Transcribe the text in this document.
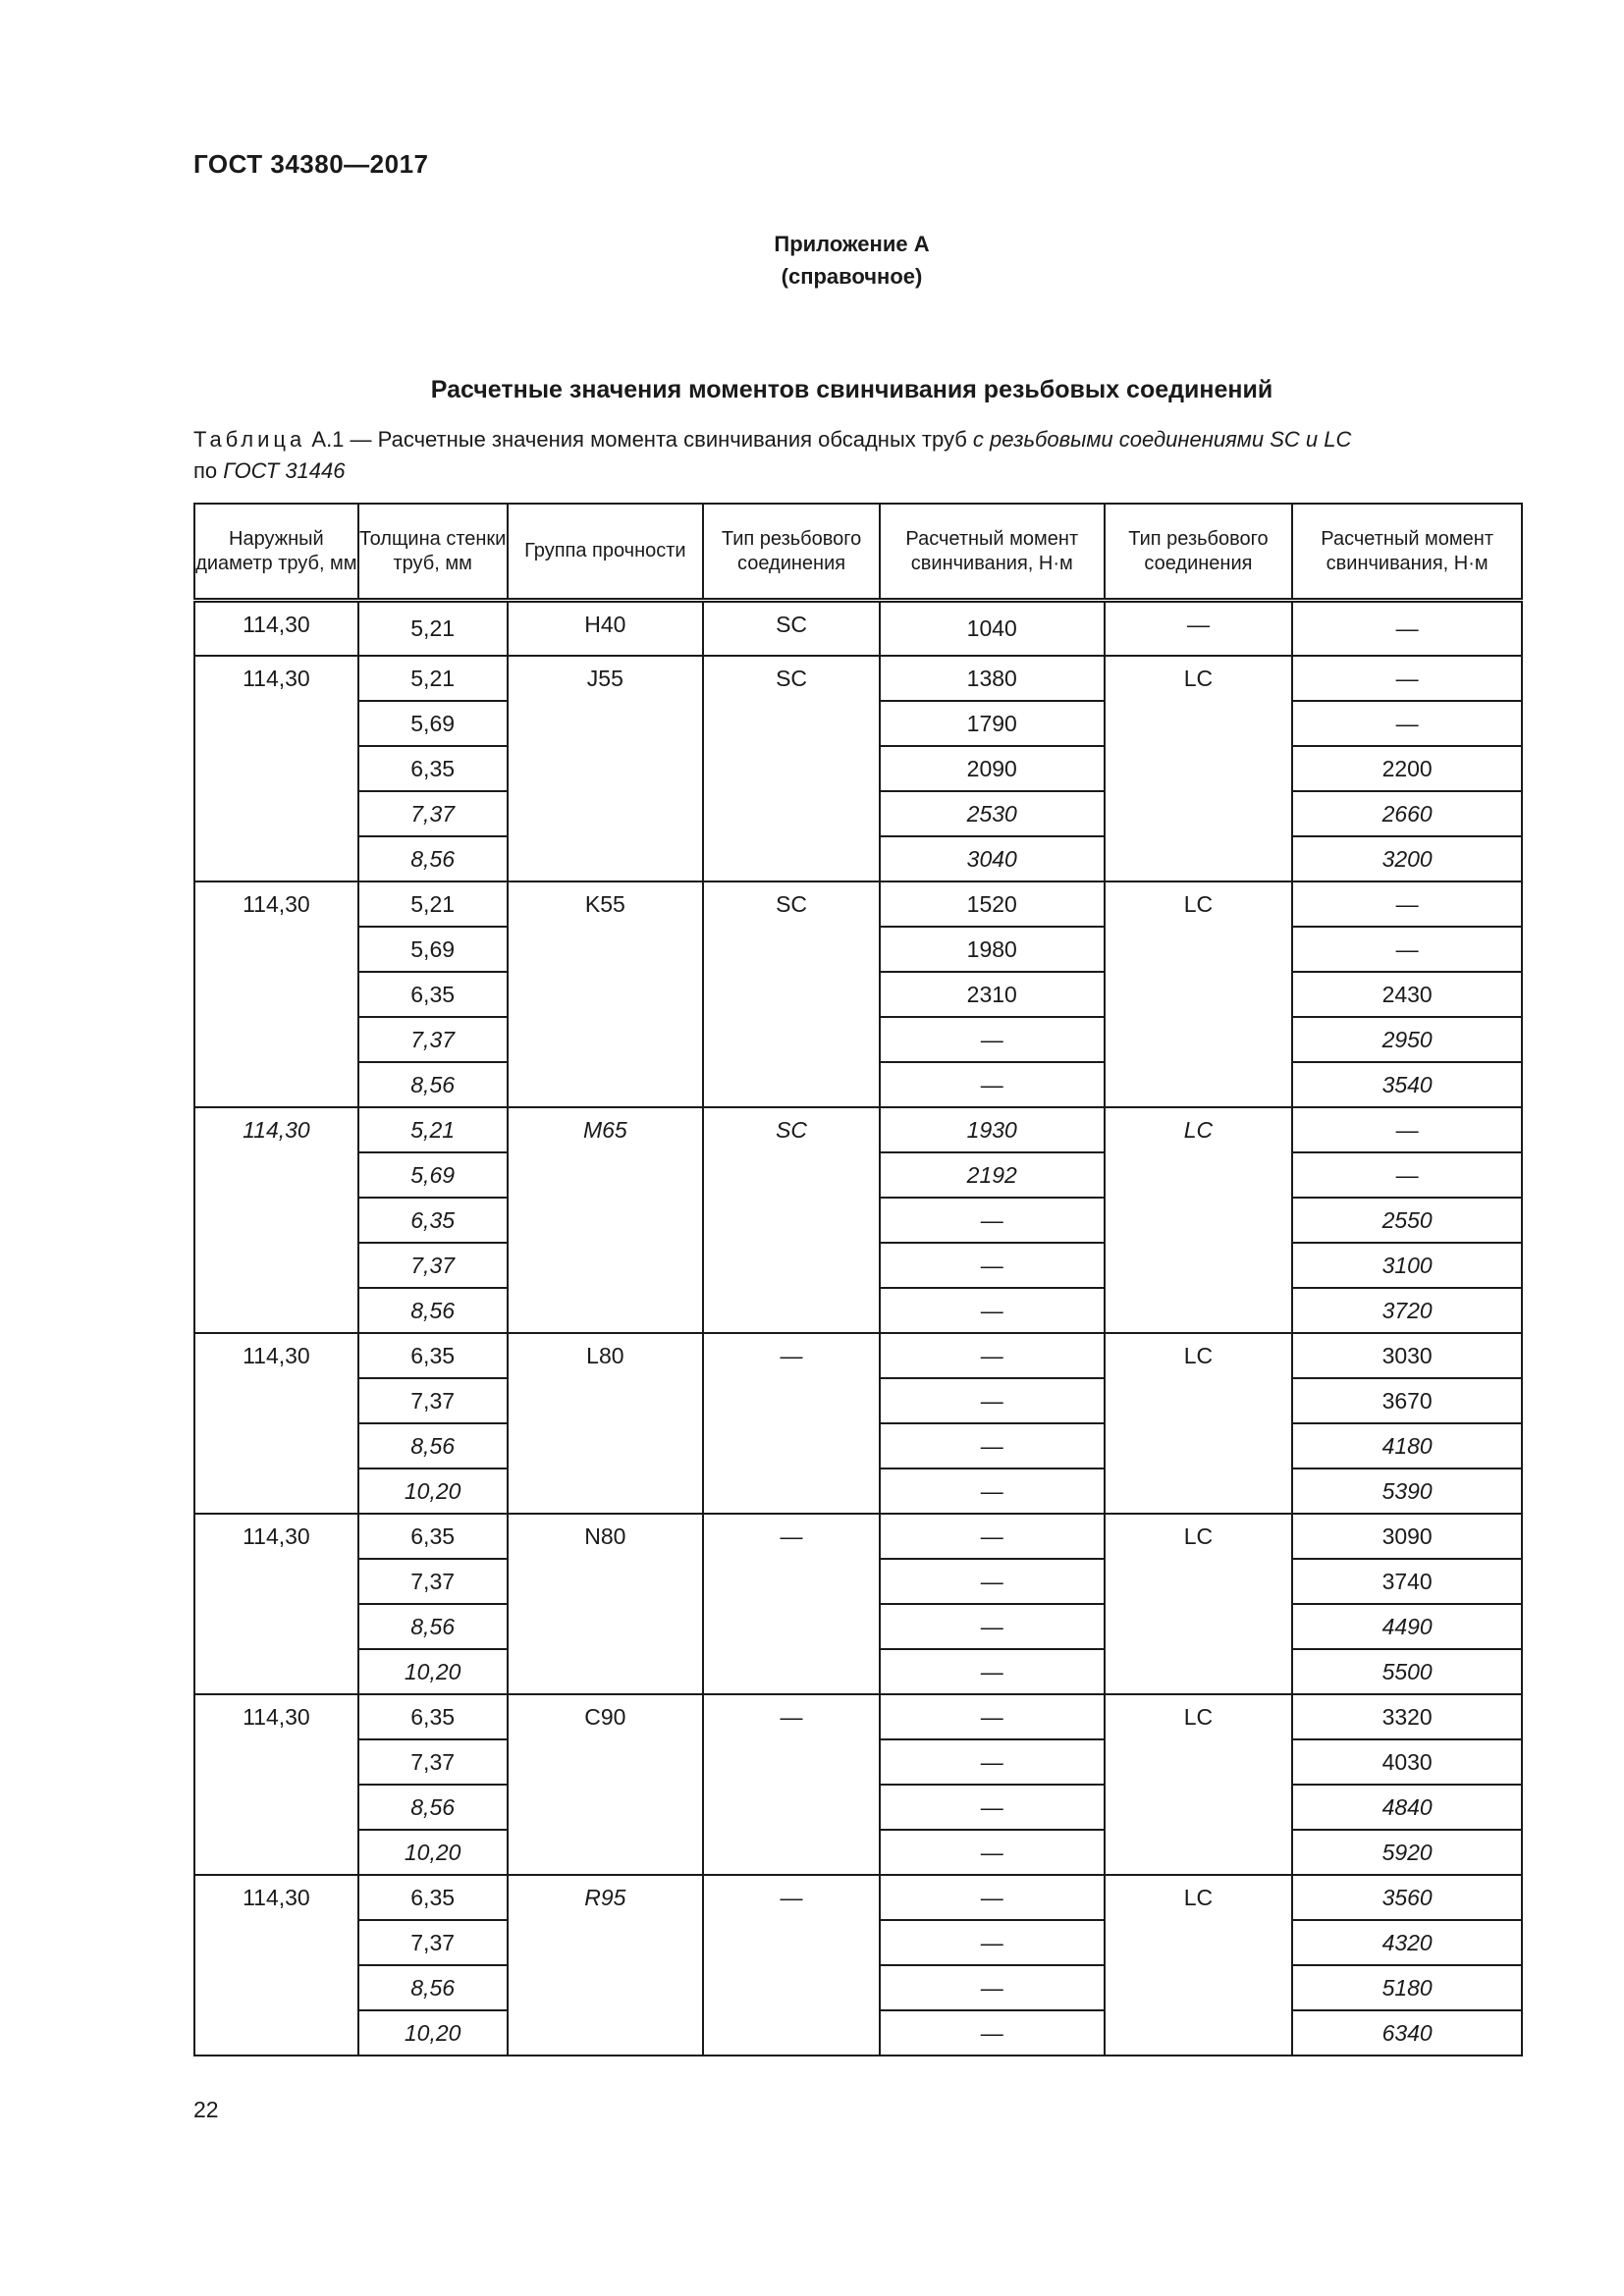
ГОСТ 34380—2017
Приложение А
(справочное)
Расчетные значения моментов свинчивания резьбовых соединений
Таблица А.1 — Расчетные значения момента свинчивания обсадных труб с резьбовыми соединениями SC и LC
по ГОСТ 31446
Наружный диаметр труб, мм	Толщина стенки труб, мм	Группа прочности	Тип резьбового соединения	Расчетный момент свинчивания, Н·м	Тип резьбового соединения	Расчетный момент свинчивания, Н·м
114,30	5,21	H40	SC	1040	—	—
114,30	5,21	J55	SC	1380	LC	—
	5,69			1790		—
	6,35			2090		2200
	7,37			2530		2660
	8,56			3040		3200
114,30	5,21	K55	SC	1520	LC	—
	5,69			1980		—
	6,35			2310		2430
	7,37			—		2950
	8,56			—		3540
114,30	5,21	M65	SC	1930	LC	—
	5,69			2192		—
	6,35			—		2550
	7,37			—		3100
	8,56			—		3720
114,30	6,35	L80	—	—	LC	3030
	7,37			—		3670
	8,56			—		4180
	10,20			—		5390
114,30	6,35	N80	—	—	LC	3090
	7,37			—		3740
	8,56			—		4490
	10,20			—		5500
114,30	6,35	C90	—	—	LC	3320
	7,37			—		4030
	8,56			—		4840
	10,20			—		5920
114,30	6,35	R95	—	—	LC	3560
	7,37			—		4320
	8,56			—		5180
	10,20			—		6340
22
